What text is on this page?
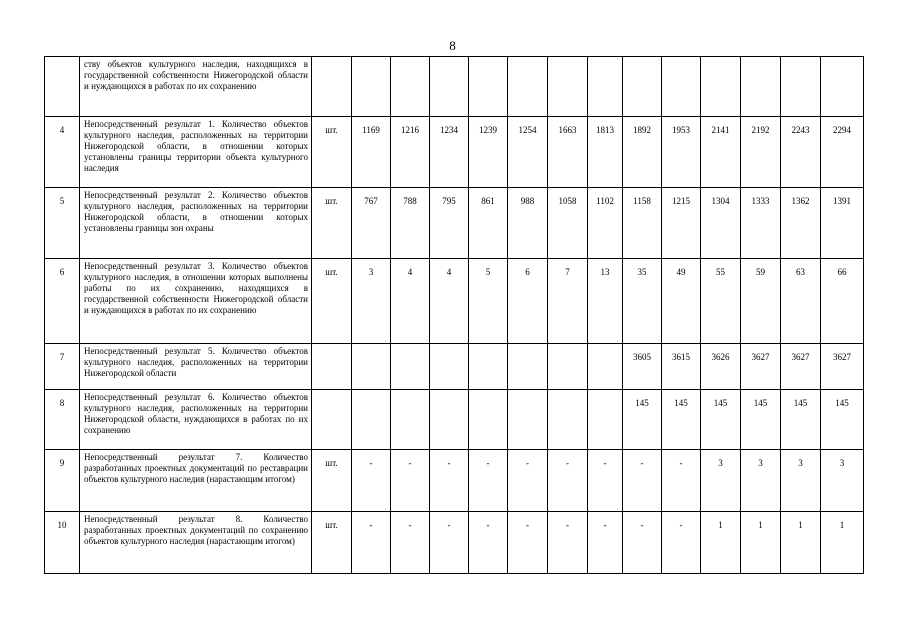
8
	ству объектов культурного наследия, находящихся в государственной собственности Нижегородской области и нуждающихся в работах по их сохранению														
4	Непосредственный результат 1. Количество объектов культурного наследия, расположенных на территории Нижегородской области, в отношении которых установлены границы территории объекта культурного наследия	шт.	1169	1216	1234	1239	1254	1663	1813	1892	1953	2141	2192	2243	2294
5	Непосредственный результат 2. Количество объектов культурного наследия, расположенных на территории Нижегородской области, в отношении которых установлены границы зон охраны	шт.	767	788	795	861	988	1058	1102	1158	1215	1304	1333	1362	1391
6	Непосредственный результат 3. Количество объектов культурного наследия, в отношении которых выполнены работы по их сохранению, находящихся в государственной собственности Нижегородской области и нуждающихся в работах по их сохранению	шт.	3	4	4	5	6	7	13	35	49	55	59	63	66
7	Непосредственный результат 5. Количество объектов культурного наследия, расположенных на территории Нижегородской области									3605	3615	3626	3627	3627	3627
8	Непосредственный результат 6. Количество объектов культурного наследия, расположенных на территории Нижегородской области, нуждающихся в работах по их сохранению									145	145	145	145	145	145
9	Непосредственный результат 7. Количество разработанных проектных документаций по реставрации объектов культурного наследия (нарастающим итогом)	шт.	-	-	-	-	-	-	-	-	-	3	3	3	3
10	Непосредственный результат 8. Количество разработанных проектных документаций по сохранению объектов культурного наследия (нарастающим итогом)	шт.	-	-	-	-	-	-	-	-	-	1	1	1	1
